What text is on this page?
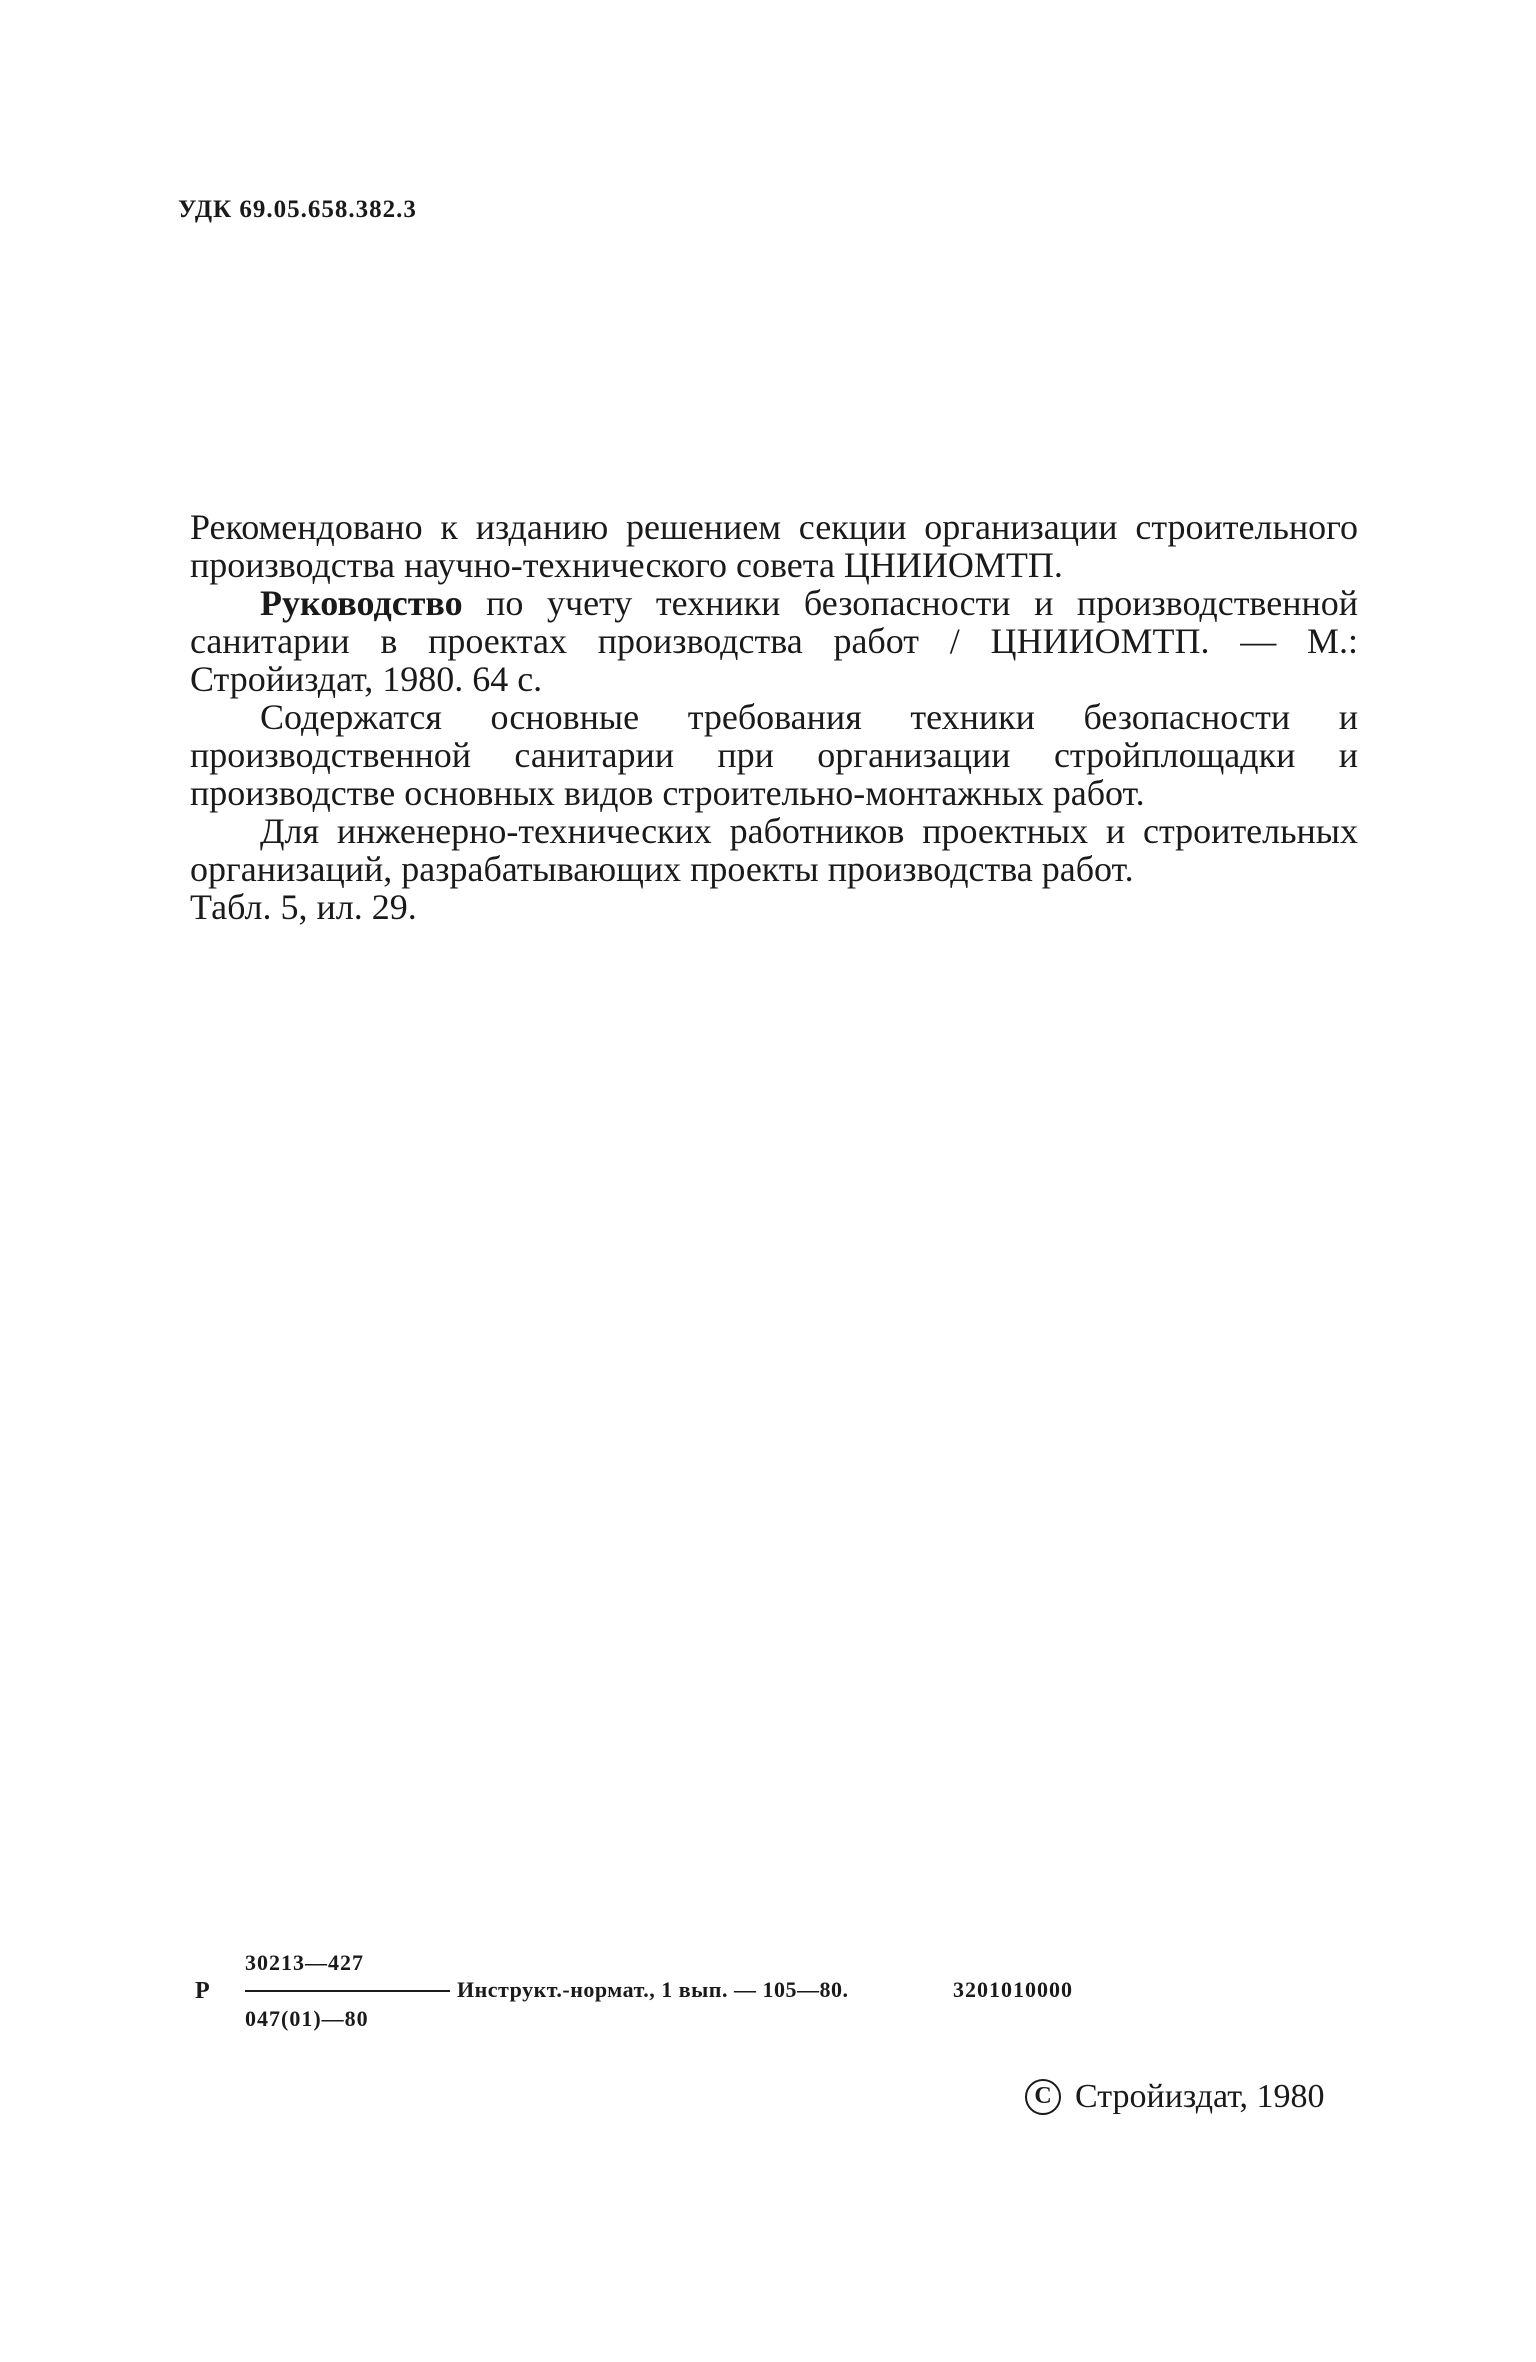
УДК 69.05.658.382.3

Рекомендовано к изданию решением секции организации строительного производства научно-технического совета ЦНИИОМТП.

Руководство по учету техники безопасности и производственной санитарии в проектах производства работ / ЦНИИОМТП. — М.: Стройиздат, 1980. 64 с.

Содержатся основные требования техники безопасности и производственной санитарии при организации стройплощадки и производстве основных видов строительно-монтажных работ.

Для инженерно-технических работников проектных и строительных организаций, разрабатывающих проекты производства работ.

Табл. 5, ил. 29.

Р
30213—427
047(01)—80
Инструкт.-нормат., 1 вып. — 105—80.	3201010000
C Стройиздат, 1980
